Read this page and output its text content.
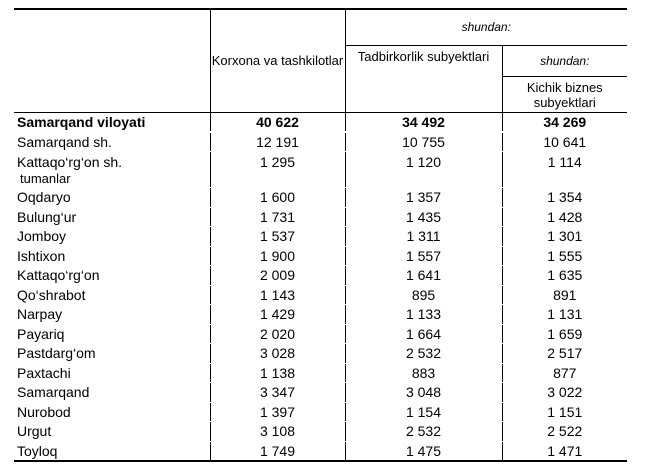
	Korxona va tashkilotlar	shundan:	
		Tadbirkorlik subyektlari	shundan:
			Kichik biznes subyektlari
Samarqand viloyati	40 622	34 492	34 269
Samarqand sh.	12 191	10 755	10 641
Kattaqo‘rg‘on sh.
tumanlar	1 295	1 120	1 114
Oqdaryo	1 600	1 357	1 354
Bulung‘ur	1 731	1 435	1 428
Jomboy	1 537	1 311	1 301
Ishtixon	1 900	1 557	1 555
Kattaqo‘rg‘on	2 009	1 641	1 635
Qo‘shrabot	1 143	895	891
Narpay	1 429	1 133	1 131
Payariq	2 020	1 664	1 659
Pastdarg‘om	3 028	2 532	2 517
Paxtachi	1 138	883	877
Samarqand	3 347	3 048	3 022
Nurobod	1 397	1 154	1 151
Urgut	3 108	2 532	2 522
Toyloq	1 749	1 475	1 471
